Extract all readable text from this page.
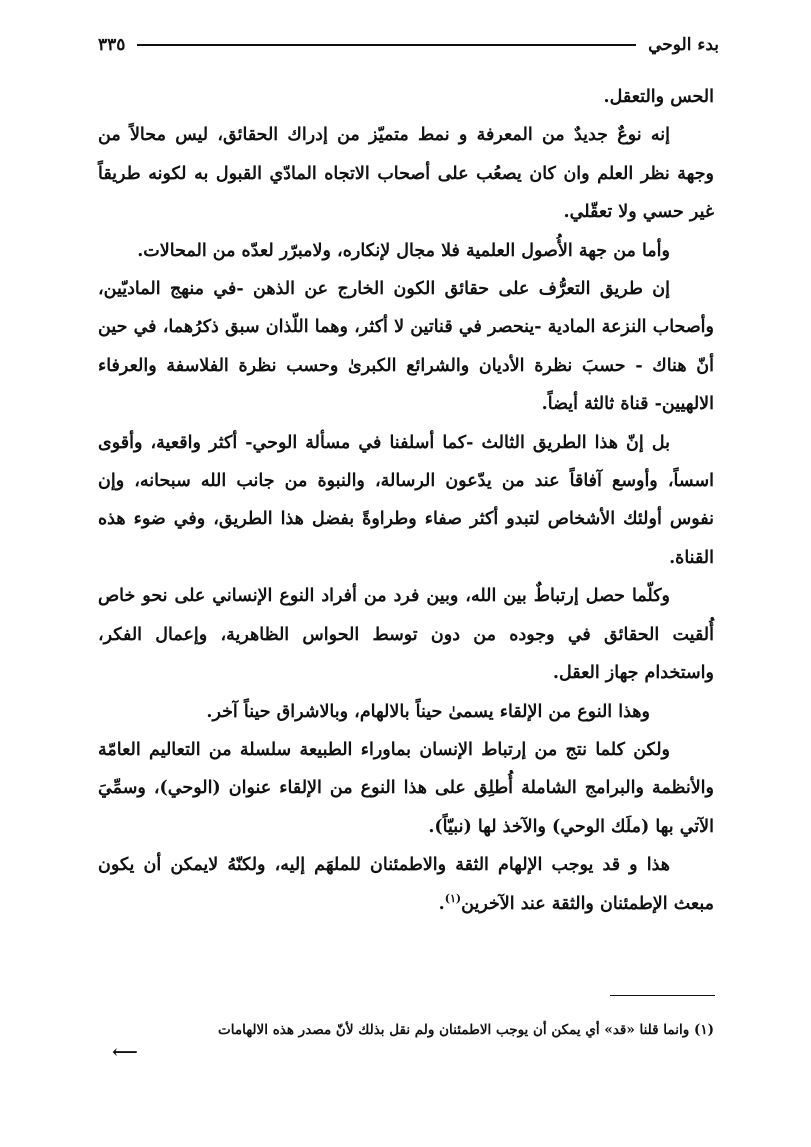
بدء الوحي
٣٣٥

الحس والتعقل.

إنه نوعٌ جديدٌ من المعرفة و نمط متميّز من إدراك الحقائق، ليس محالاً من وجهة نظر العلم وان كان يصعُب على أصحاب الاتجاه المادّي القبول به لكونه طريقاً غير حسي ولا تعقّلي.

وأما من جهة الأُصول العلمية فلا مجال لإنكاره، ولامبرّر لعدّه من المحالات.

إن طريق التعرُّف على حقائق الكون الخارج عن الذهن -في منهج الماديّين، وأصحاب النزعة المادية -ينحصر في قناتين لا أكثر، وهما اللّذان سبق ذكرُهما، في حين أنّ هناك - حسبَ نظرة الأديان والشرائع الكبرىٰ وحسب نظرة الفلاسفة والعرفاء الالهيين- قناة ثالثة أيضاً.

بل إنّ هذا الطريق الثالث -كما أسلفنا في مسألة الوحي- أكثر واقعية، وأقوى اسساً، وأوسع آفاقاً عند من يدّعون الرسالة، والنبوة من جانب الله سبحانه، وإن نفوس أولئك الأشخاص لتبدو أكثر صفاء وطراوةً بفضل هذا الطريق، وفي ضوء هذه القناة.

وكلّما حصل إرتباطٌ بين الله، وبين فرد من أفراد النوع الإنساني على نحو خاص أُلقيت الحقائق في وجوده من دون توسط الحواس الظاهرية، وإعمال الفكر، واستخدام جهاز العقل.

وهذا النوع من الإلقاء يسمىٰ حيناً بالالهام، وبالاشراق حيناً آخر.

ولكن كلما نتج من إرتباط الإنسان بماوراء الطبيعة سلسلة من التعاليم العامّة والأنظمة والبرامج الشاملة أُطلِق على هذا النوع من الإلقاء عنوان (الوحي)، وسمِّيَ الآتي بها (ملَك الوحي) والآخذ لها (نبيّاً).

هذا و قد يوجب الإلهام الثقة والاطمئنان للملهَم إليه، ولكنّهُ لايمكن أن يكون مبعث الإطمئنان والثقة عند الآخرين$^{(١)}$.

(١) وانما قلنا «قد» أي يمكن أن يوجب الاطمئنان ولم نقل بذلك لأنّ مصدر هذه الالهامات
⟵
